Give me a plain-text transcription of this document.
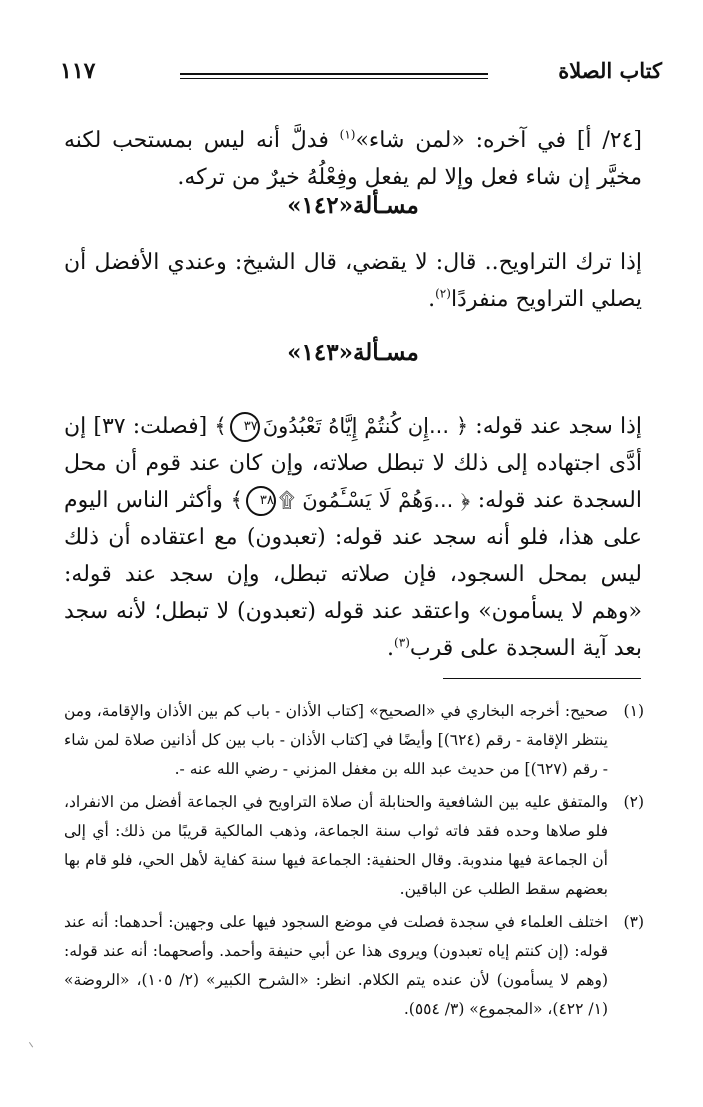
كتاب الصلاة
١١٧
[٢٤/ أ] في آخره: «لمن شاء»$^{(١)}$ فدلَّ أنه ليس بمستحب لكنه مخيَّر إن شاء فعل وإلا لم يفعل وفِعْلُهُ خيرٌ من تركه.
مسـألة«١٤٢»
إذا ترك التراويح.. قال: لا يقضي، قال الشيخ: وعندي الأفضل أن يصلي التراويح منفردًا$^{(٢)}$.
مسـألة«١٤٣»
إذا سجد عند قوله: ﴿ ...إِن كُنتُمْ إِيَّاهُ تَعْبُدُونَ٣٧﴾ [فصلت: ٣٧] إن أدَّى اجتهاده إلى ذلك لا تبطل صلاته، وإن كان عند قوم أن محل السجدة عند قوله: ﴿ ...وَهُمْ لَا يَسْـَٔمُونَ ۩٣٨﴾ وأكثر الناس اليوم على هذا، فلو أنه سجد عند قوله: (تعبدون) مع اعتقاده أن ذلك ليس بمحل السجود، فإن صلاته تبطل، وإن سجد عند قوله: «وهم لا يسأمون» واعتقد عند قوله (تعبدون) لا تبطل؛ لأنه سجد بعد آية السجدة على قرب$^{(٣)}$.
(١)
صحيح: أخرجه البخاري في «الصحيح» [كتاب الأذان - باب كم بين الأذان والإقامة، ومن ينتظر الإقامة - رقم (٦٢٤)] وأيضًا في [كتاب الأذان - باب بين كل أذانين صلاة لمن شاء - رقم (٦٢٧)] من حديث عبد الله بن مغفل المزني - رضي الله عنه -.
(٢)
والمتفق عليه بين الشافعية والحنابلة أن صلاة التراويح في الجماعة أفضل من الانفراد، فلو صلاها وحده فقد فاته ثواب سنة الجماعة، وذهب المالكية قريبًا من ذلك: أي إلى أن الجماعة فيها مندوبة. وقال الحنفية: الجماعة فيها سنة كفاية لأهل الحي، فلو قام بها بعضهم سقط الطلب عن الباقين.
(٣)
اختلف العلماء في سجدة فصلت في موضع السجود فيها على وجهين: أحدهما: أنه عند قوله: (إن كنتم إياه تعبدون) ويروى هذا عن أبي حنيفة وأحمد. وأصحهما: أنه عند قوله: (وهم لا يسأمون) لأن عنده يتم الكلام. انظر: «الشرح الكبير» (٢/ ١٠٥)، «الروضة» (١/ ٤٢٢)، «المجموع» (٣/ ٥٥٤).
